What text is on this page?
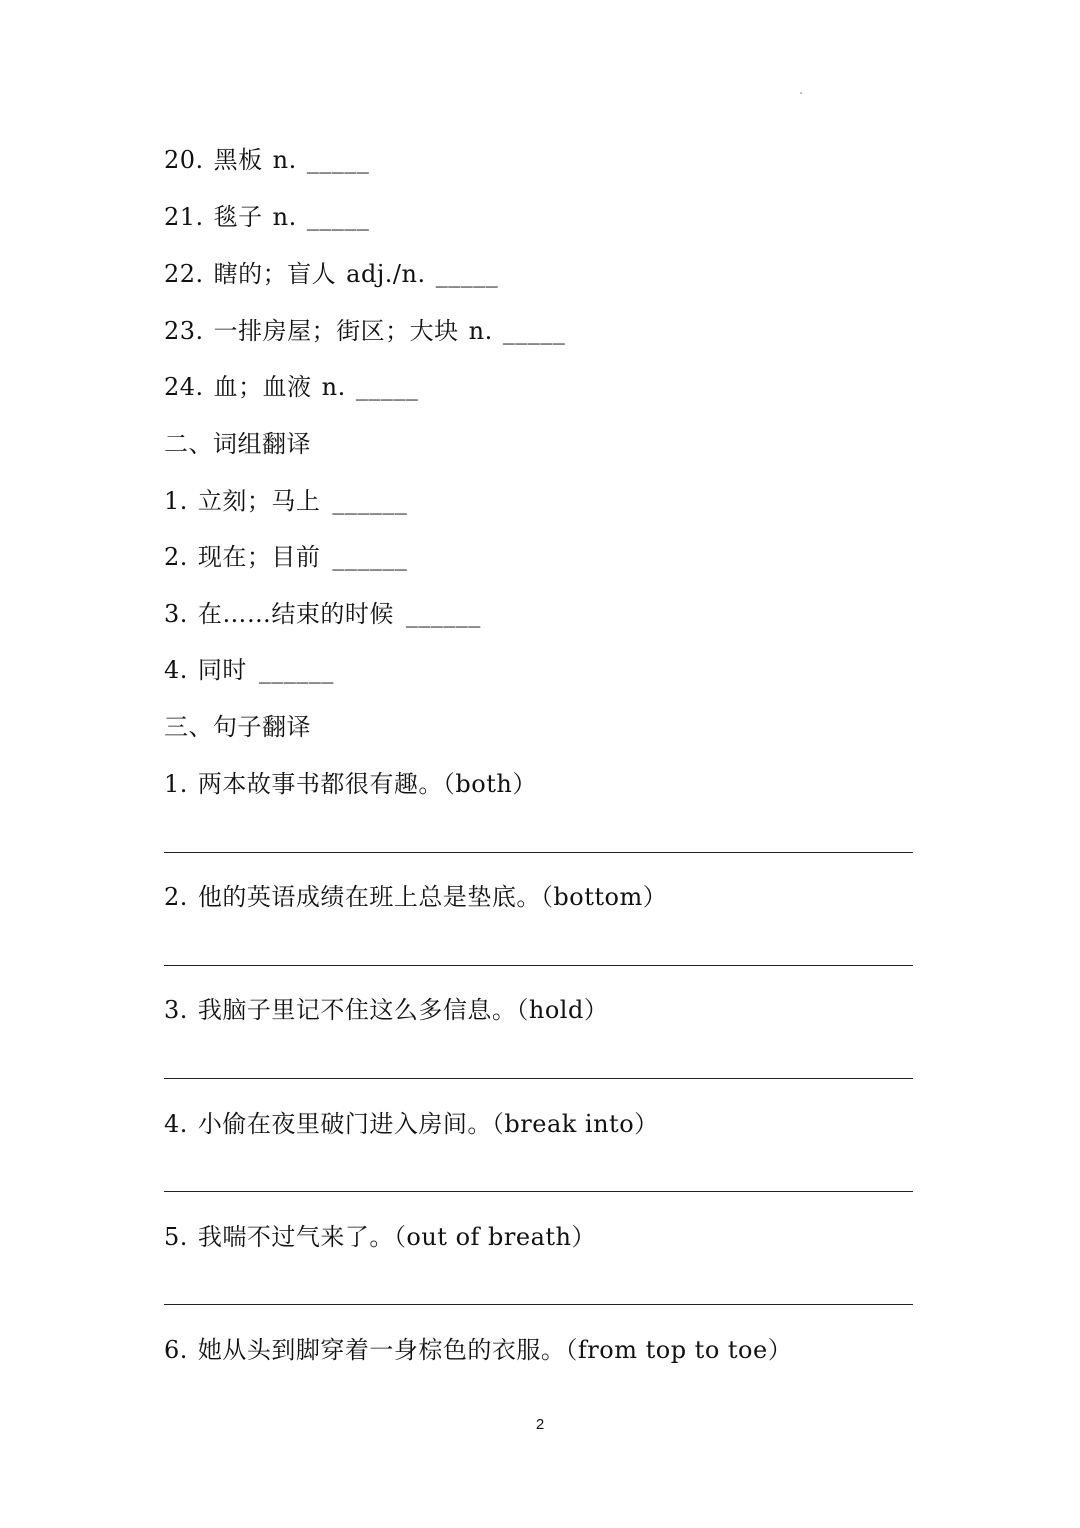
20. 黑板 n. _____
21. 毯子 n. _____
22. 瞎的；盲人 adj./n. _____
23. 一排房屋；街区；大块 n. _____
24. 血；血液 n. _____
二、词组翻译
1. 立刻；马上 ______
2. 现在；目前 ______
3. 在……结束的时候 ______
4. 同时 ______
三、句子翻译
1. 两本故事书都很有趣。（both）
2. 他的英语成绩在班上总是垫底。（bottom）
3. 我脑子里记不住这么多信息。（hold）
4. 小偷在夜里破门进入房间。（break into）
5. 我喘不过气来了。（out of breath）
6. 她从头到脚穿着一身棕色的衣服。（from top to toe）
2
